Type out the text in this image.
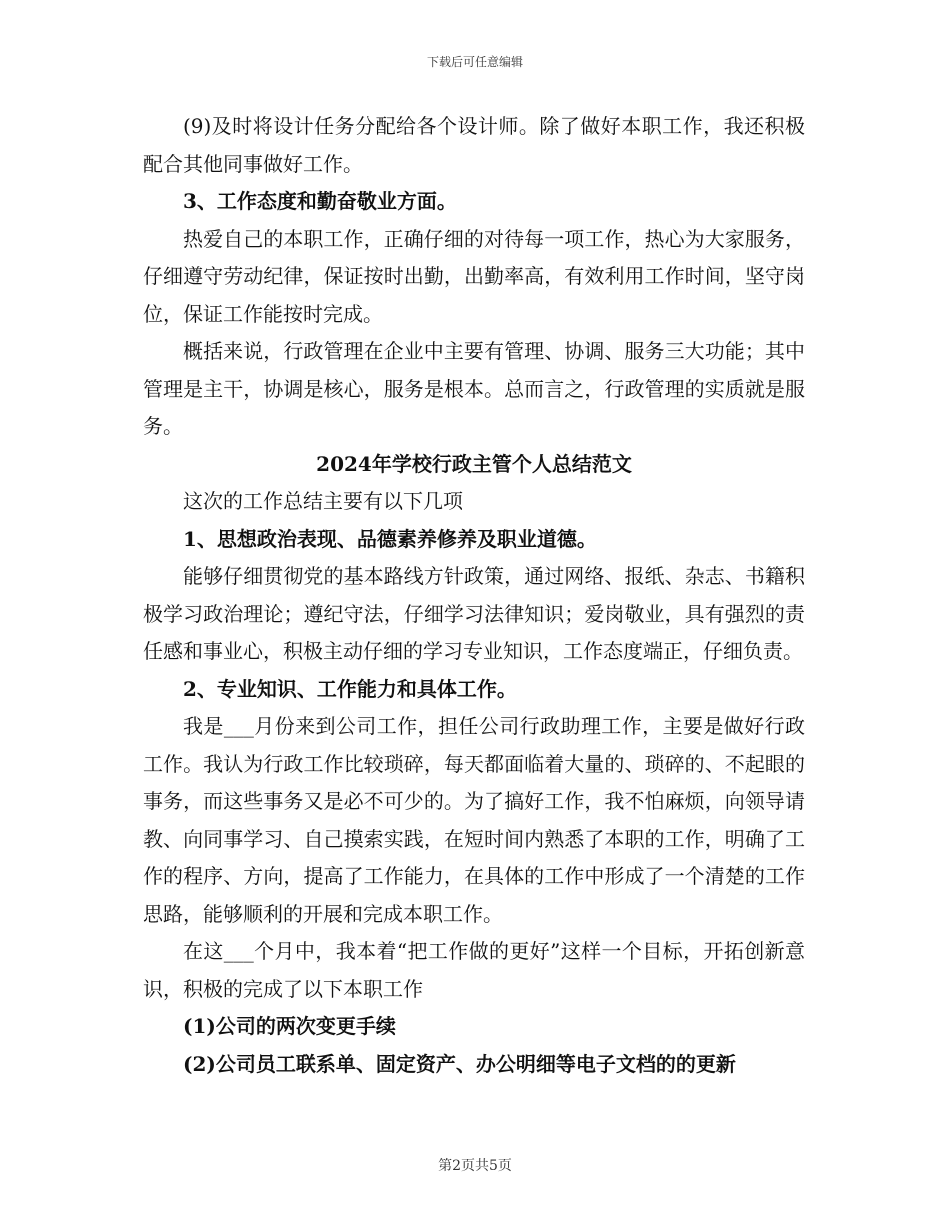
下载后可任意编辑

(9)及时将设计任务分配给各个设计师。除了做好本职工作，我还积极配合其他同事做好工作。

3、工作态度和勤奋敬业方面。

热爱自己的本职工作，正确仔细的对待每一项工作，热心为大家服务，仔细遵守劳动纪律，保证按时出勤，出勤率高，有效利用工作时间，坚守岗位，保证工作能按时完成。

概括来说，行政管理在企业中主要有管理、协调、服务三大功能；其中管理是主干，协调是核心，服务是根本。总而言之，行政管理的实质就是服务。

2024年学校行政主管个人总结范文

这次的工作总结主要有以下几项

1、思想政治表现、品德素养修养及职业道德。

能够仔细贯彻党的基本路线方针政策，通过网络、报纸、杂志、书籍积极学习政治理论；遵纪守法，仔细学习法律知识；爱岗敬业，具有强烈的责任感和事业心，积极主动仔细的学习专业知识，工作态度端正，仔细负责。

2、专业知识、工作能力和具体工作。

我是___月份来到公司工作，担任公司行政助理工作，主要是做好行政工作。我认为行政工作比较琐碎，每天都面临着大量的、琐碎的、不起眼的事务，而这些事务又是必不可少的。为了搞好工作，我不怕麻烦，向领导请教、向同事学习、自己摸索实践，在短时间内熟悉了本职的工作，明确了工作的程序、方向，提高了工作能力，在具体的工作中形成了一个清楚的工作思路，能够顺利的开展和完成本职工作。

在这___个月中，我本着“把工作做的更好”这样一个目标，开拓创新意识，积极的完成了以下本职工作

(1)公司的两次变更手续

(2)公司员工联系单、固定资产、办公明细等电子文档的的更新

第2页共5页
